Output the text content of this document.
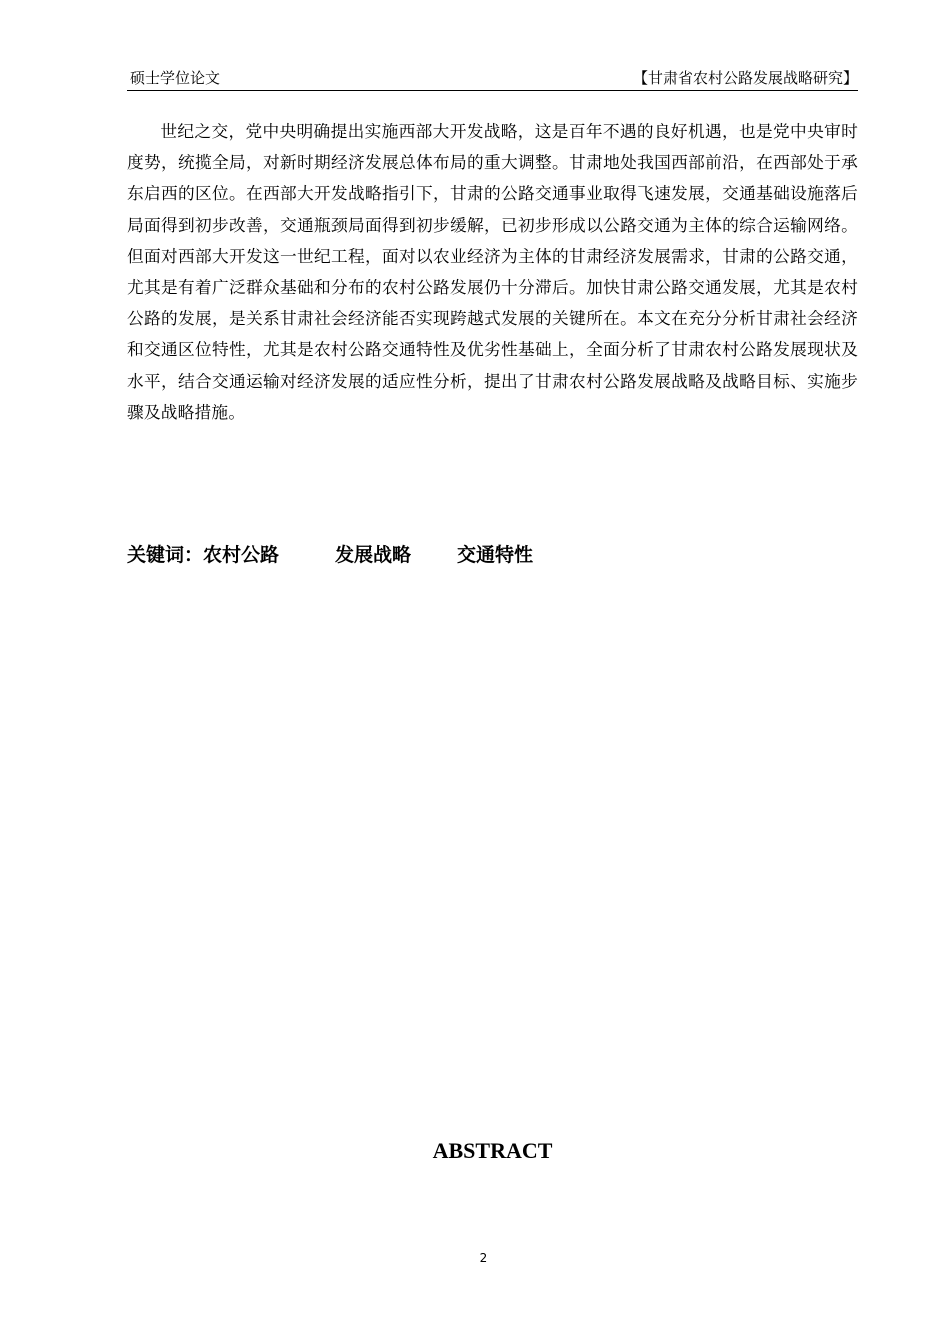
硕士学位论文	【甘肃省农村公路发展战略研究】

世纪之交，党中央明确提出实施西部大开发战略，这是百年不遇的良好机遇，也是党中央审时度势，统揽全局，对新时期经济发展总体布局的重大调整。甘肃地处我国西部前沿，在西部处于承东启西的区位。在西部大开发战略指引下，甘肃的公路交通事业取得飞速发展，交通基础设施落后局面得到初步改善，交通瓶颈局面得到初步缓解，已初步形成以公路交通为主体的综合运输网络。但面对西部大开发这一世纪工程，面对以农业经济为主体的甘肃经济发展需求，甘肃的公路交通，尤其是有着广泛群众基础和分布的农村公路发展仍十分滞后。加快甘肃公路交通发展，尤其是农村公路的发展，是关系甘肃社会经济能否实现跨越式发展的关键所在。本文在充分分析甘肃社会经济和交通区位特性，尤其是农村公路交通特性及优劣性基础上，全面分析了甘肃农村公路发展现状及水平，结合交通运输对经济发展的适应性分析，提出了甘肃农村公路发展战略及战略目标、实施步骤及战略措施。

关键词：农村公路	发展战略 交通特性
ABSTRACT
2
